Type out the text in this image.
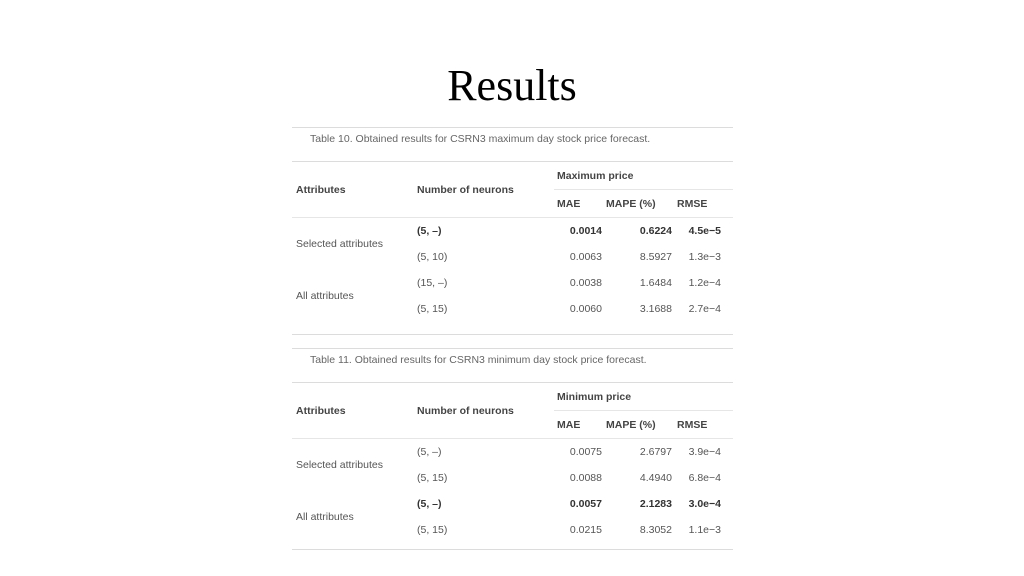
Results
Table 10. Obtained results for CSRN3 maximum day stock price forecast.
Attributes	Number of neurons	Maximum price		
		MAE	MAPE (%)	RMSE
Selected attributes	(5, –)	0.0014	0.6224	4.5e−5
	(5, 10)	0.0063	8.5927	1.3e−3
All attributes	(15, –)	0.0038	1.6484	1.2e−4
	(5, 15)	0.0060	3.1688	2.7e−4
Table 11. Obtained results for CSRN3 minimum day stock price forecast.
Attributes	Number of neurons	Minimum price		
		MAE	MAPE (%)	RMSE
Selected attributes	(5, –)	0.0075	2.6797	3.9e−4
	(5, 15)	0.0088	4.4940	6.8e−4
All attributes	(5, –)	0.0057	2.1283	3.0e−4
	(5, 15)	0.0215	8.3052	1.1e−3
